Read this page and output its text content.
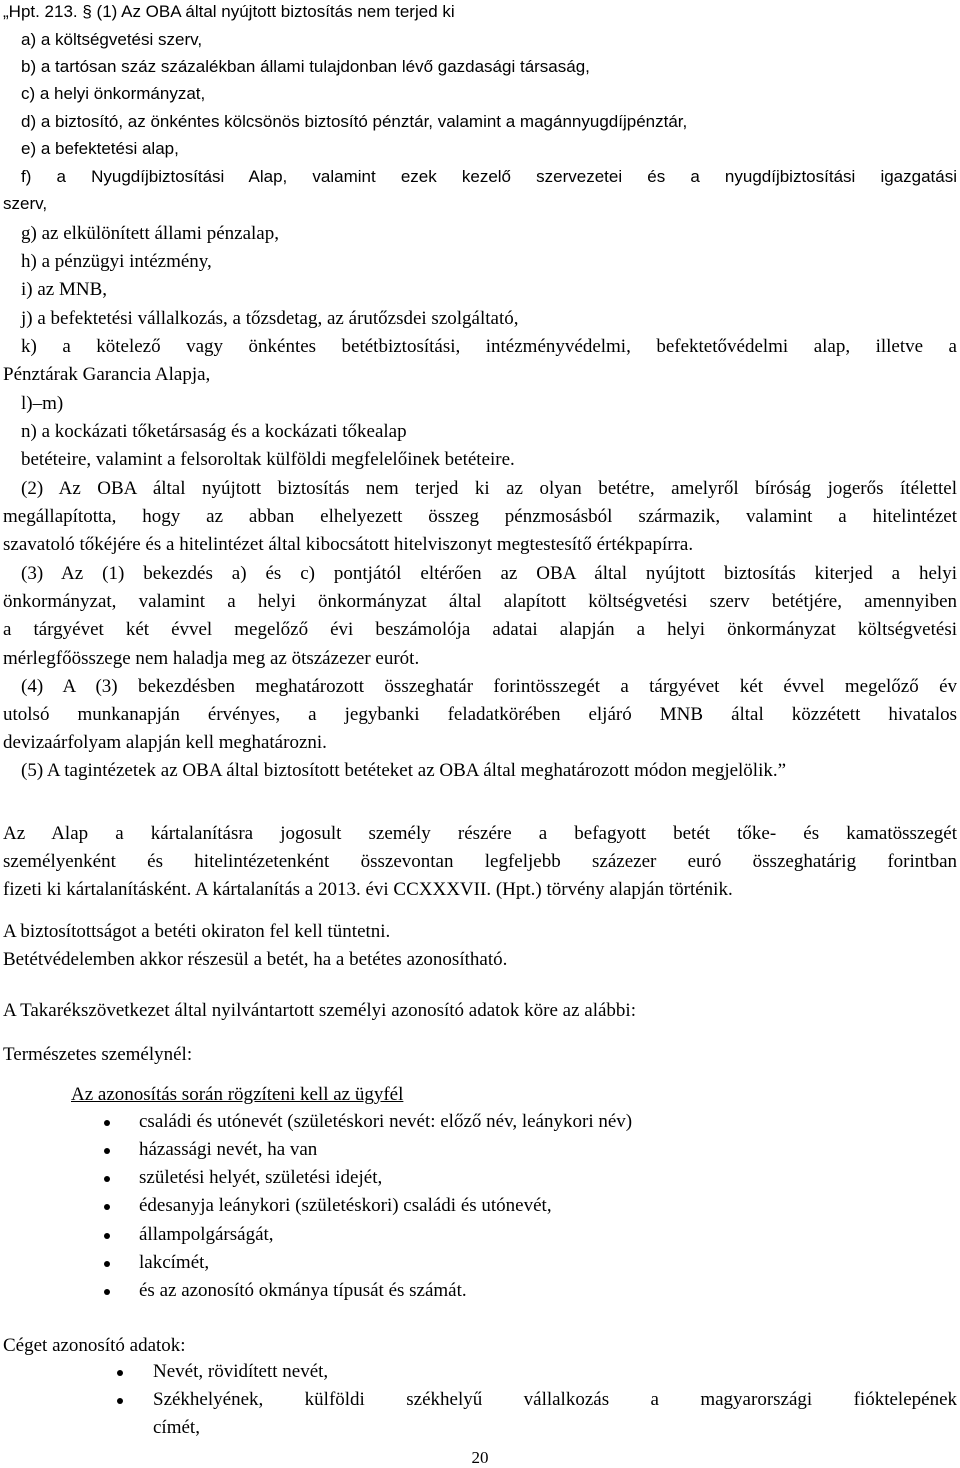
„Hpt. 213. § (1) Az OBA által nyújtott biztosítás nem terjed ki
a) a költségvetési szerv,
b) a tartósan száz százalékban állami tulajdonban lévő gazdasági társaság,
c) a helyi önkormányzat,
d) a biztosító, az önkéntes kölcsönös biztosító pénztár, valamint a magánnyugdíjpénztár,
e) a befektetési alap,
f) a Nyugdíjbiztosítási Alap, valamint ezek kezelő szervezetei és a nyugdíjbiztosítási igazgatási
szerv,
g) az elkülönített állami pénzalap,
h) a pénzügyi intézmény,
i) az MNB,
j) a befektetési vállalkozás, a tőzsdetag, az árutőzsdei szolgáltató,
k) a kötelező vagy önkéntes betétbiztosítási, intézményvédelmi, befektetővédelmi alap, illetve a
Pénztárak Garancia Alapja,
l)–m)
n) a kockázati tőketársaság és a kockázati tőkealap
betéteire, valamint a felsoroltak külföldi megfelelőinek betéteire.
(2) Az OBA által nyújtott biztosítás nem terjed ki az olyan betétre, amelyről bíróság jogerős ítélettel
megállapította, hogy az abban elhelyezett összeg pénzmosásból származik, valamint a hitelintézet
szavatoló tőkéjére és a hitelintézet által kibocsátott hitelviszonyt megtestesítő értékpapírra.
(3) Az (1) bekezdés a) és c) pontjától eltérően az OBA által nyújtott biztosítás kiterjed a helyi
önkormányzat, valamint a helyi önkormányzat által alapított költségvetési szerv betétjére, amennyiben
a tárgyévet két évvel megelőző évi beszámolója adatai alapján a helyi önkormányzat költségvetési
mérlegfőösszege nem haladja meg az ötszázezer eurót.
(4) A (3) bekezdésben meghatározott összeghatár forintösszegét a tárgyévet két évvel megelőző év
utolsó munkanapján érvényes, a jegybanki feladatkörében eljáró MNB által közzétett hivatalos
devizaárfolyam alapján kell meghatározni.
(5) A tagintézetek az OBA által biztosított betéteket az OBA által meghatározott módon megjelölik.”
Az Alap a kártalanításra jogosult személy részére a befagyott betét tőke- és kamatösszegét
személyenként és hitelintézetenként összevontan legfeljebb százezer euró összeghatárig forintban
fizeti ki kártalanításként. A kártalanítás a 2013. évi CCXXXVII. (Hpt.) törvény alapján történik.
A biztosítottságot a betéti okiraton fel kell tüntetni.
Betétvédelemben akkor részesül a betét, ha a betétes azonosítható.
A Takarékszövetkezet által nyilvántartott személyi azonosító adatok köre az alábbi:
Természetes személynél:
Az azonosítás során rögzíteni kell az ügyfél
családi és utónevét (születéskori nevét: előző név, leánykori név)
házassági nevét, ha van
születési helyét, születési idejét,
édesanyja leánykori (születéskori) családi és utónevét,
állampolgárságát,
lakcímét,
és az azonosító okmánya típusát és számát.
Céget azonosító adatok:
Nevét, rövidített nevét,
Székhelyének, külföldi székhelyű vállalkozás a magyarországi fióktelepének
címét,
20
